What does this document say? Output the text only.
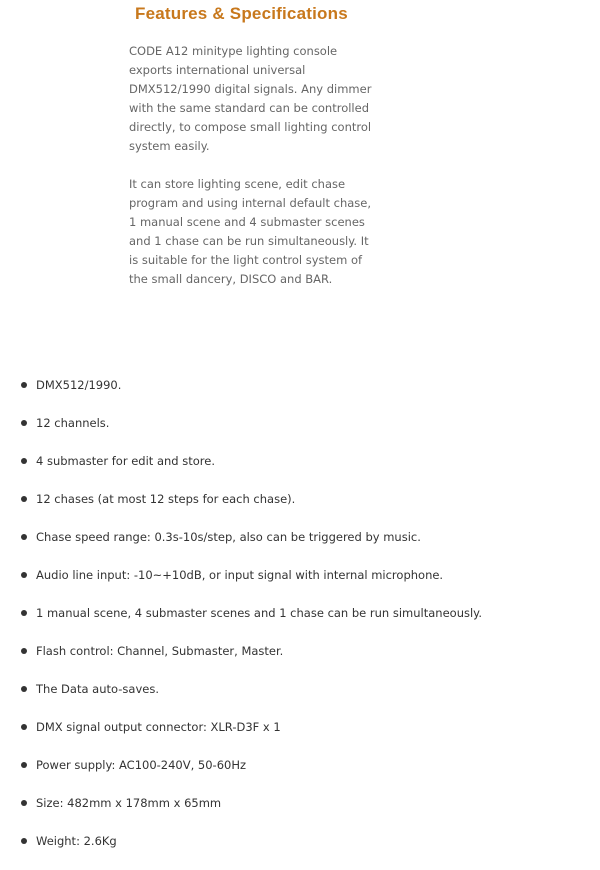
Features & Specifications

CODE A12 minitype lighting console
exports international universal
DMX512/1990 digital signals. Any dimmer
with the same standard can be controlled
directly, to compose small lighting control
system easily.

It can store lighting scene, edit chase
program and using internal default chase,
1 manual scene and 4 submaster scenes
and 1 chase can be run simultaneously. It
is suitable for the light control system of
the small dancery, DISCO and BAR.

DMX512/1990.
12 channels.
4 submaster for edit and store.
12 chases (at most 12 steps for each chase).
Chase speed range: 0.3s-10s/step, also can be triggered by music.
Audio line input: -10~+10dB, or input signal with internal microphone.
1 manual scene, 4 submaster scenes and 1 chase can be run simultaneously.
Flash control: Channel, Submaster, Master.
The Data auto-saves.
DMX signal output connector: XLR-D3F x 1
Power supply: AC100-240V, 50-60Hz
Size: 482mm x 178mm x 65mm
Weight: 2.6Kg
